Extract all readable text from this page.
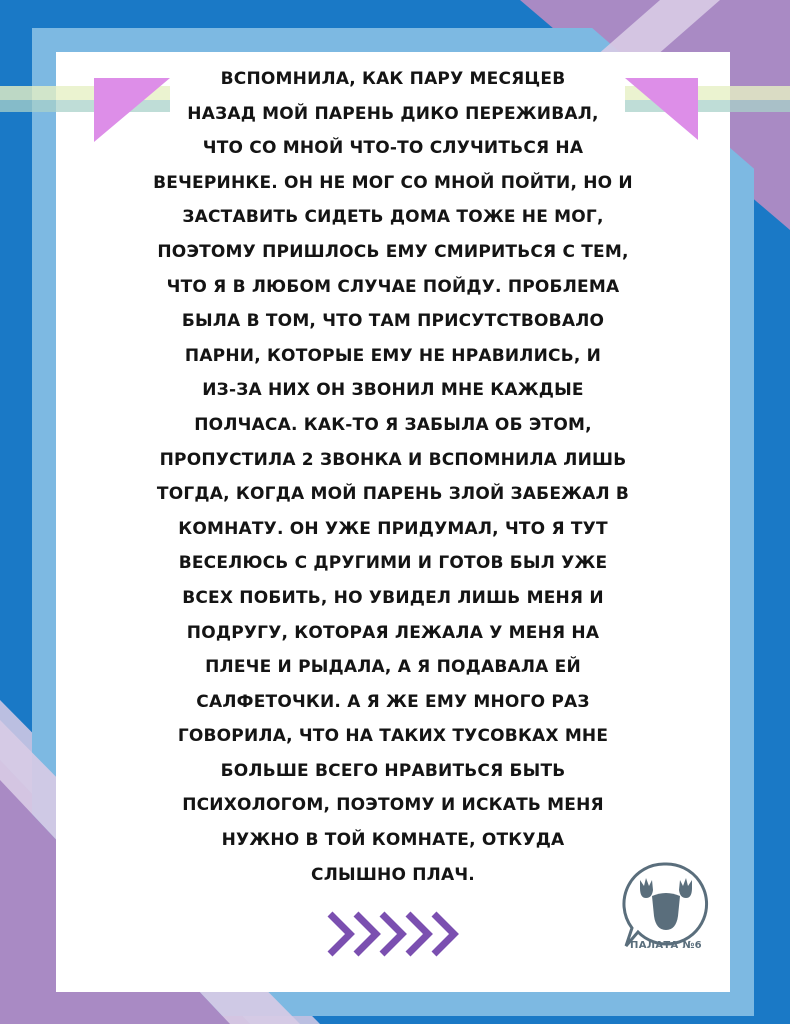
ВСПОМНИЛА, КАК ПАРУ МЕСЯЦЕВ
НАЗАД МОЙ ПАРЕНЬ ДИКО ПЕРЕЖИВАЛ,
ЧТО СО МНОЙ ЧТО-ТО СЛУЧИТЬСЯ НА
ВЕЧЕРИНКЕ. ОН НЕ МОГ СО МНОЙ ПОЙТИ, НО И
ЗАСТАВИТЬ СИДЕТЬ ДОМА ТОЖЕ НЕ МОГ,
ПОЭТОМУ ПРИШЛОСЬ ЕМУ СМИРИТЬСЯ С ТЕМ,
ЧТО Я В ЛЮБОМ СЛУЧАЕ ПОЙДУ. ПРОБЛЕМА
БЫЛА В ТОМ, ЧТО ТАМ ПРИСУТСТВОВАЛО
ПАРНИ, КОТОРЫЕ ЕМУ НЕ НРАВИЛИСЬ, И
ИЗ-ЗА НИХ ОН ЗВОНИЛ МНЕ КАЖДЫЕ
ПОЛЧАСА. КАК-ТО Я ЗАБЫЛА ОБ ЭТОМ,
ПРОПУСТИЛА 2 ЗВОНКА И ВСПОМНИЛА ЛИШЬ
ТОГДА, КОГДА МОЙ ПАРЕНЬ ЗЛОЙ ЗАБЕЖАЛ В
КОМНАТУ. ОН УЖЕ ПРИДУМАЛ, ЧТО Я ТУТ
ВЕСЕЛЮСЬ С ДРУГИМИ И ГОТОВ БЫЛ УЖЕ
ВСЕХ ПОБИТЬ, НО УВИДЕЛ ЛИШЬ МЕНЯ И
ПОДРУГУ, КОТОРАЯ ЛЕЖАЛА У МЕНЯ НА
ПЛЕЧЕ И РЫДАЛА, А Я ПОДАВАЛА ЕЙ
САЛФЕТОЧКИ. А Я ЖЕ ЕМУ МНОГО РАЗ
ГОВОРИЛА, ЧТО НА ТАКИХ ТУСОВКАХ МНЕ
БОЛЬШЕ ВСЕГО НРАВИТЬСЯ БЫТЬ
ПСИХОЛОГОМ, ПОЭТОМУ И ИСКАТЬ МЕНЯ
НУЖНО В ТОЙ КОМНАТЕ, ОТКУДА
СЛЫШНО ПЛАЧ.

ПАЛАТА №6
